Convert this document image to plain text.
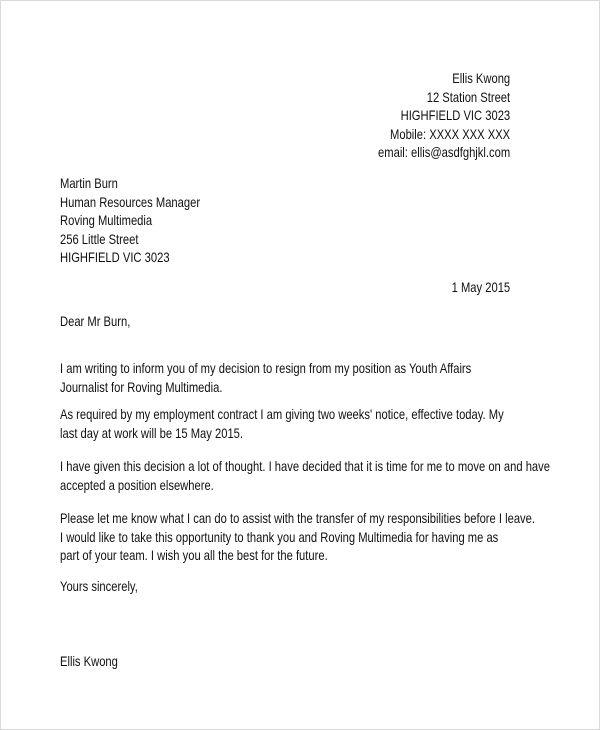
Ellis Kwong
12 Station Street
HIGHFIELD VIC 3023
Mobile: XXXX XXX XXX
email: ellis@asdfghjkl.com
Martin Burn
Human Resources Manager
Roving Multimedia
256 Little Street
HIGHFIELD VIC 3023
1 May 2015
Dear Mr Burn,
I am writing to inform you of my decision to resign from my position as Youth Affairs
Journalist for Roving Multimedia.
As required by my employment contract I am giving two weeks' notice, effective today. My
last day at work will be 15 May 2015.
I have given this decision a lot of thought. I have decided that it is time for me to move on and have
accepted a position elsewhere.
Please let me know what I can do to assist with the transfer of my responsibilities before I leave.
I would like to take this opportunity to thank you and Roving Multimedia for having me as
part of your team. I wish you all the best for the future.
Yours sincerely,
Ellis Kwong
